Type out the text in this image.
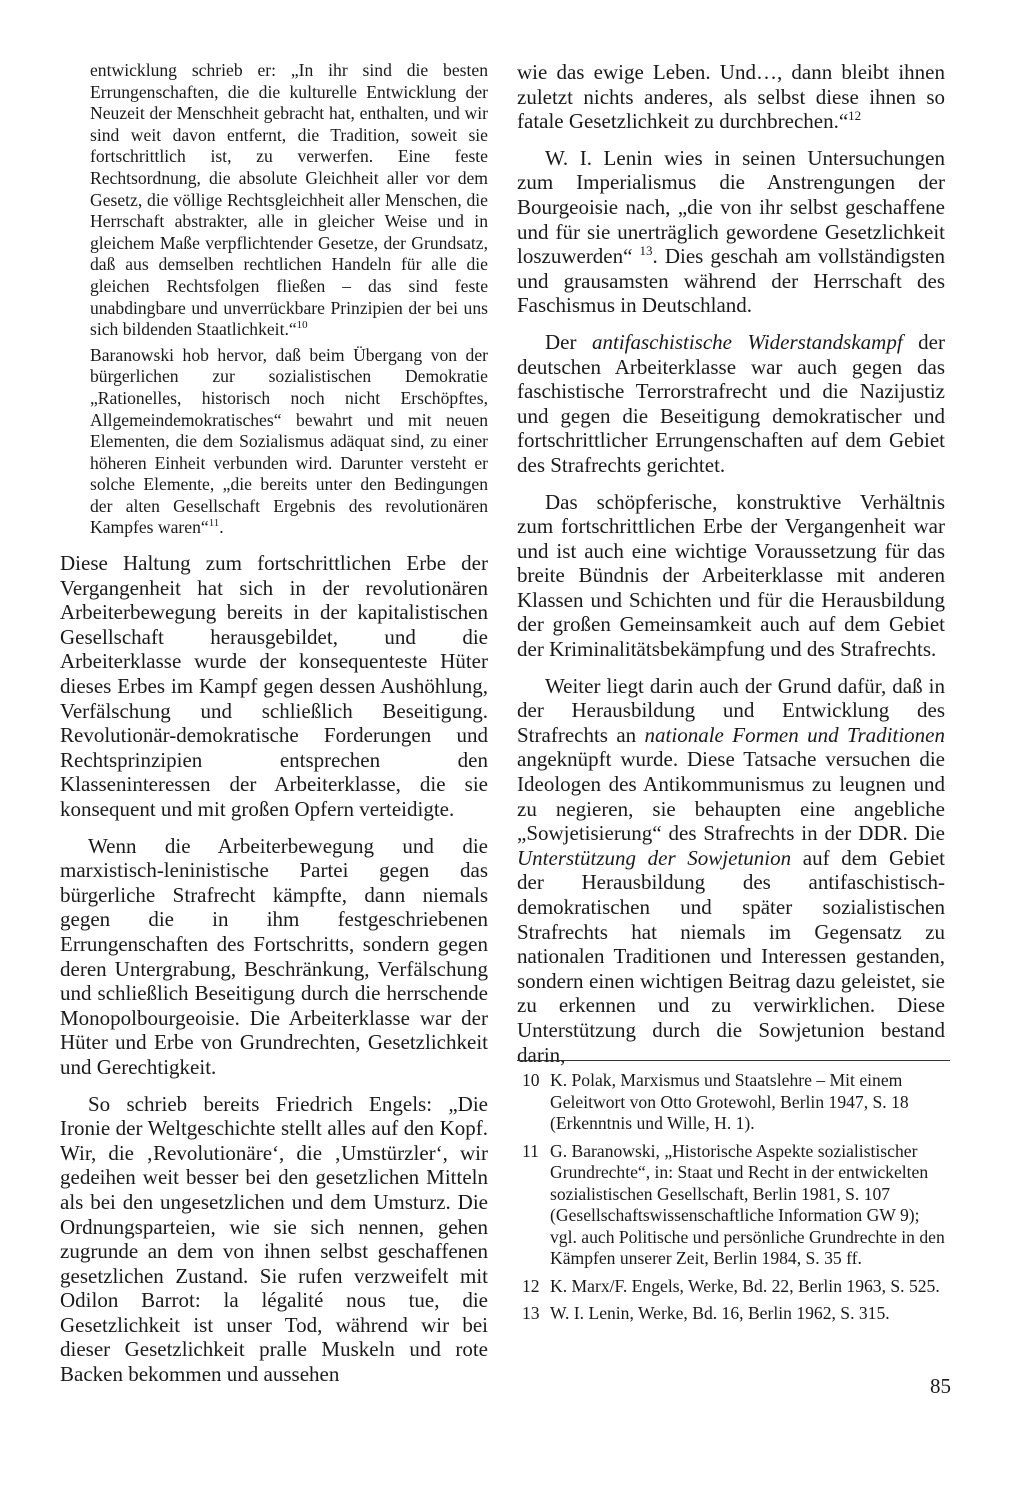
entwicklung schrieb er: „In ihr sind die besten Errungenschaften, die die kulturelle Entwicklung der Neuzeit der Menschheit gebracht hat, enthalten, und wir sind weit davon entfernt, die Tradition, soweit sie fortschrittlich ist, zu verwerfen. Eine feste Rechtsordnung, die absolute Gleichheit aller vor dem Gesetz, die völlige Rechtsgleichheit aller Menschen, die Herrschaft abstrakter, alle in gleicher Weise und in gleichem Maße verpflichtender Gesetze, der Grundsatz, daß aus demselben rechtlichen Handeln für alle die gleichen Rechtsfolgen fließen – das sind feste unabdingbare und unverrückbare Prinzipien der bei uns sich bildenden Staatlichkeit.“$^{10}$

Baranowski hob hervor, daß beim Übergang von der bürgerlichen zur sozialistischen Demokratie „Rationelles, historisch noch nicht Erschöpftes, Allgemeindemokratisches“ bewahrt und mit neuen Elementen, die dem Sozialismus adäquat sind, zu einer höheren Einheit verbunden wird. Darunter versteht er solche Elemente, „die bereits unter den Bedingungen der alten Gesellschaft Ergebnis des revolutionären Kampfes waren“$^{11}$.

Diese Haltung zum fortschrittlichen Erbe der Vergangenheit hat sich in der revolutionären Arbeiterbewegung bereits in der kapitalistischen Gesellschaft herausgebildet, und die Arbeiterklasse wurde der konsequenteste Hüter dieses Erbes im Kampf gegen dessen Aushöhlung, Verfälschung und schließlich Beseitigung. Revolutionär-demokratische Forderungen und Rechtsprinzipien entsprechen den Klasseninteressen der Arbeiterklasse, die sie konsequent und mit großen Opfern verteidigte.

Wenn die Arbeiterbewegung und die marxistisch-leninistische Partei gegen das bürgerliche Strafrecht kämpfte, dann niemals gegen die in ihm festgeschriebenen Errungenschaften des Fortschritts, sondern gegen deren Untergrabung, Beschränkung, Verfälschung und schließlich Beseitigung durch die herrschende Monopolbourgeoisie. Die Arbeiterklasse war der Hüter und Erbe von Grundrechten, Gesetzlichkeit und Gerechtigkeit.

So schrieb bereits Friedrich Engels: „Die Ironie der Weltgeschichte stellt alles auf den Kopf. Wir, die ‚Revolutionäre‘, die ‚Umstürzler‘, wir gedeihen weit besser bei den gesetzlichen Mitteln als bei den ungesetzlichen und dem Umsturz. Die Ordnungsparteien, wie sie sich nennen, gehen zugrunde an dem von ihnen selbst geschaffenen gesetzlichen Zustand. Sie rufen verzweifelt mit Odilon Barrot: la légalité nous tue, die Gesetzlichkeit ist unser Tod, während wir bei dieser Gesetzlichkeit pralle Muskeln und rote Backen bekommen und aussehen

wie das ewige Leben. Und…, dann bleibt ihnen zuletzt nichts anderes, als selbst diese ihnen so fatale Gesetzlichkeit zu durchbrechen.“$^{12}$

W. I. Lenin wies in seinen Untersuchungen zum Imperialismus die Anstrengungen der Bourgeoisie nach, „die von ihr selbst geschaffene und für sie unerträglich gewordene Gesetzlichkeit loszuwerden“ $^{13}$. Dies geschah am vollständigsten und grausamsten während der Herrschaft des Faschismus in Deutschland.

Der antifaschistische Widerstandskampf der deutschen Arbeiterklasse war auch gegen das faschistische Terrorstrafrecht und die Nazijustiz und gegen die Beseitigung demokratischer und fortschrittlicher Errungenschaften auf dem Gebiet des Strafrechts gerichtet.

Das schöpferische, konstruktive Verhältnis zum fortschrittlichen Erbe der Vergangenheit war und ist auch eine wichtige Voraussetzung für das breite Bündnis der Arbeiterklasse mit anderen Klassen und Schichten und für die Herausbildung der großen Gemeinsamkeit auch auf dem Gebiet der Kriminalitätsbekämpfung und des Strafrechts.

Weiter liegt darin auch der Grund dafür, daß in der Herausbildung und Entwicklung des Strafrechts an nationale Formen und Traditionen angeknüpft wurde. Diese Tatsache versuchen die Ideologen des Antikommunismus zu leugnen und zu negieren, sie behaupten eine angebliche „Sowjetisierung“ des Strafrechts in der DDR. Die Unterstützung der Sowjetunion auf dem Gebiet der Herausbildung des antifaschistisch-demokratischen und später sozialistischen Strafrechts hat niemals im Gegensatz zu nationalen Traditionen und Interessen gestanden, sondern einen wichtigen Beitrag dazu geleistet, sie zu erkennen und zu verwirklichen. Diese Unterstützung durch die Sowjetunion bestand darin,

10 K. Polak, Marxismus und Staatslehre – Mit einem Geleitwort von Otto Grotewohl, Berlin 1947, S. 18 (Erkenntnis und Wille, H. 1).
11 G. Baranowski, „Historische Aspekte sozialistischer Grundrechte“, in: Staat und Recht in der entwickelten sozialistischen Gesellschaft, Berlin 1981, S. 107 (Gesellschaftswissenschaftliche Information GW 9); vgl. auch Politische und persönliche Grundrechte in den Kämpfen unserer Zeit, Berlin 1984, S. 35 ff.
12 K. Marx/F. Engels, Werke, Bd. 22, Berlin 1963, S. 525.
13 W. I. Lenin, Werke, Bd. 16, Berlin 1962, S. 315.
85
